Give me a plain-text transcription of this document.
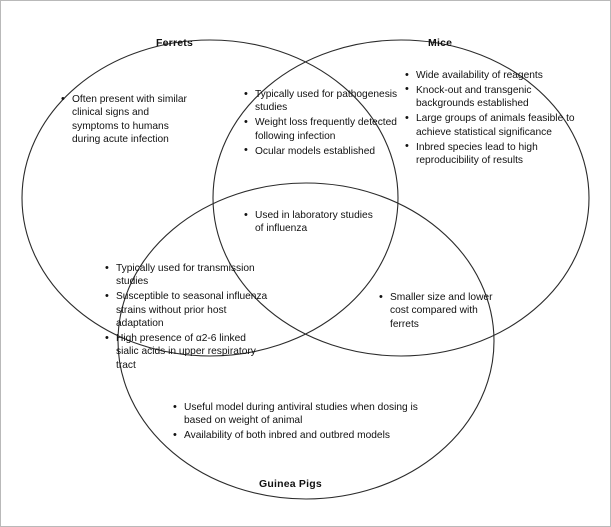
Ferrets	Mice
Guinea Pigs
• Often present with similar clinical signs and symptoms to humans during acute infection
• Wide availability of reagents
• Knock-out and transgenic backgrounds established
• Large groups of animals feasible to achieve statistical significance
• Inbred species lead to high reproducibility of results
• Typically used for pathogenesis studies
• Weight loss frequently detected following infection
• Ocular models established
• Used in laboratory studies of influenza
• Typically used for transmission studies
• Susceptible to seasonal influenza strains without prior host adaptation
• High presence of α2-6 linked sialic acids in upper respiratory tract
• Smaller size and lower cost compared with ferrets
• Useful model during antiviral studies when dosing is based on weight of animal
• Availability of both inbred and outbred models
